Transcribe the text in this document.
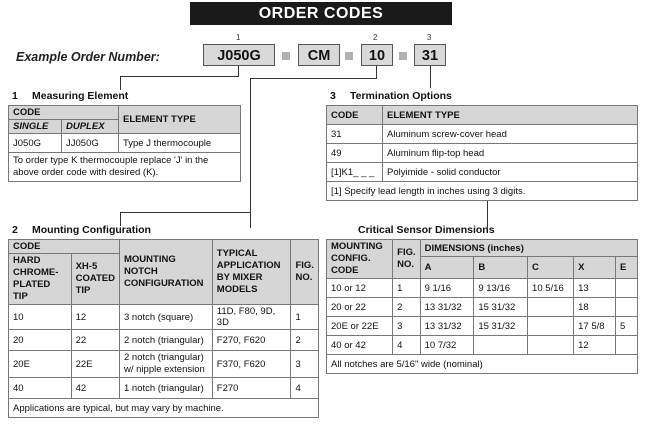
ORDER CODES
Example Order Number:
1	2	3
J050G	CM	10	31
1 Measuring Element
CODE		ELEMENT TYPE
SINGLE	DUPLEX	
J050G	JJ050G	Type J thermocouple
To order type K thermocouple replace 'J' in the above order code with desired (K).		
3 Termination Options
CODE	ELEMENT TYPE
31	Aluminum screw-cover head
49	Aluminum flip-top head
[1]K1_ _ _	Polyimide - solid conductor
[1] Specify lead length in inches using 3 digits.	
2 Mounting Configuration
CODE		MOUNTING NOTCH CONFIGURATION	TYPICAL APPLICATION BY MIXER MODELS	FIG. NO.
HARD CHROME-PLATED TIP	XH-5 COATED TIP			
10	12	3 notch (square)	11D, F80, 9D, 3D	1
20	22	2 notch (triangular)	F270, F620	2
20E	22E	2 notch (triangular) w/ nipple extension	F370, F620	3
40	42	1 notch (triangular)	F270	4
Applications are typical, but may vary by machine.				
Critical Sensor Dimensions
MOUNTING CONFIG. CODE	FIG. NO.	DIMENSIONS (inches)				
		A	B	C	X	E
10 or 12	1	9 1/16	9 13/16	10 5/16	13	
20 or 22	2	13 31/32	15 31/32		18	
20E or 22E	3	13 31/32	15 31/32		17 5/8	5
40 or 42	4	10 7/32			12	
All notches are 5/16" wide (nominal)						
